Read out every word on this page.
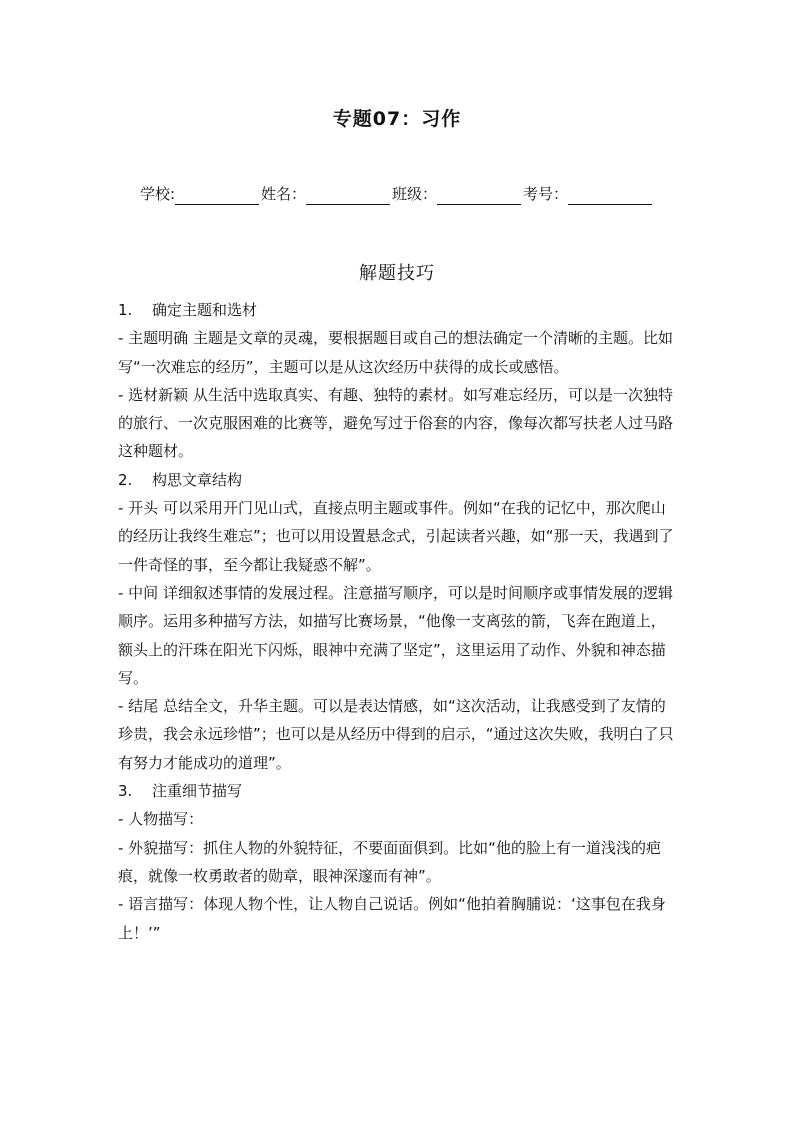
专题07：习作
学校:	姓名：	班级：	考号：
解题技巧

1. 确定主题和选材

- 主题明确 主题是文章的灵魂，要根据题目或自己的想法确定一个清晰的主题。比如写“一次难忘的经历”，主题可以是从这次经历中获得的成长或感悟。

- 选材新颖 从生活中选取真实、有趣、独特的素材。如写难忘经历，可以是一次独特的旅行、一次克服困难的比赛等，避免写过于俗套的内容，像每次都写扶老人过马路这种题材。

2. 构思文章结构

- 开头 可以采用开门见山式，直接点明主题或事件。例如“在我的记忆中，那次爬山的经历让我终生难忘”；也可以用设置悬念式，引起读者兴趣，如“那一天，我遇到了一件奇怪的事，至今都让我疑惑不解”。

- 中间 详细叙述事情的发展过程。注意描写顺序，可以是时间顺序或事情发展的逻辑顺序。运用多种描写方法，如描写比赛场景，“他像一支离弦的箭，飞奔在跑道上，额头上的汗珠在阳光下闪烁，眼神中充满了坚定”，这里运用了动作、外貌和神态描写。

- 结尾 总结全文，升华主题。可以是表达情感，如“这次活动，让我感受到了友情的珍贵，我会永远珍惜”；也可以是从经历中得到的启示，“通过这次失败，我明白了只有努力才能成功的道理”。

3. 注重细节描写

- 人物描写：

- 外貌描写：抓住人物的外貌特征，不要面面俱到。比如“他的脸上有一道浅浅的疤痕，就像一枚勇敢者的勋章，眼神深邃而有神”。

- 语言描写：体现人物个性，让人物自己说话。例如“他拍着胸脯说：‘这事包在我身上！’”
